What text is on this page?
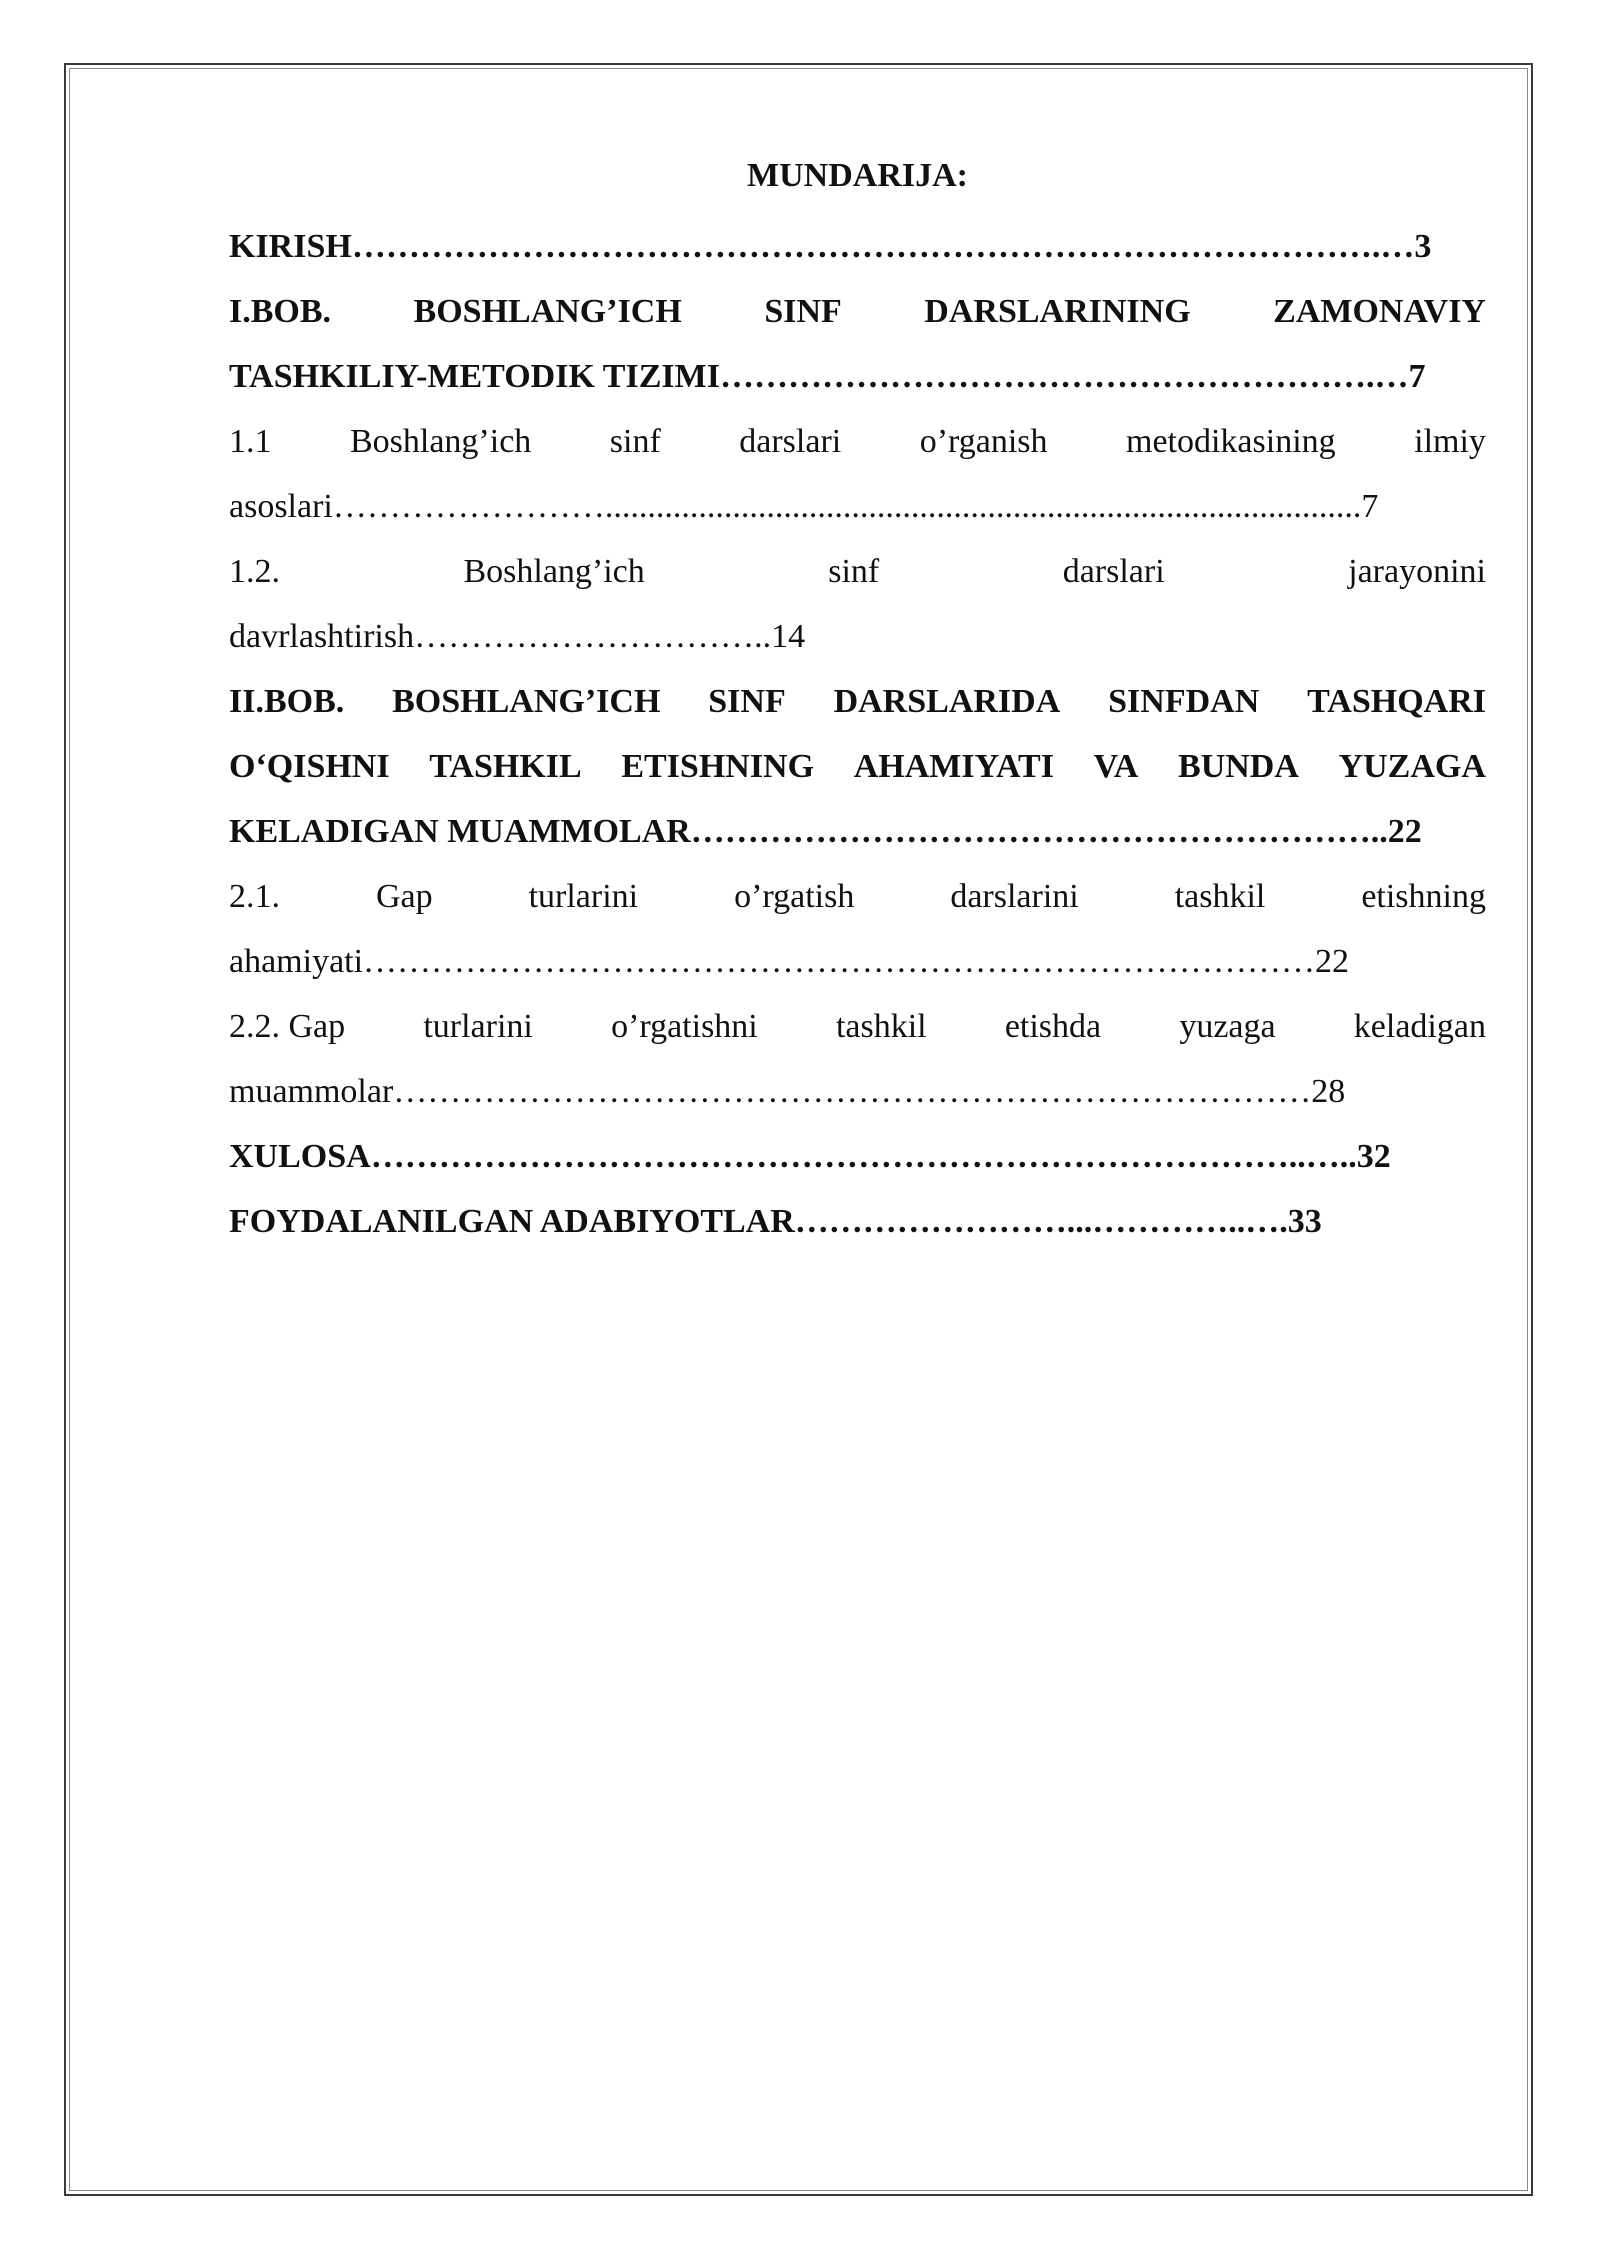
MUNDARIJA:
KIRISH……………………………………………………………………………….…3
I.BOB. BOSHLANG’ICH SINF DARSLARINING ZAMONAVIY
TASHKILIY-METODIK TIZIMI………………………………………………….…7
1.1 Boshlang’ich sinf darslari o’rganish metodikasining ilmiy
asoslari…………………….........................................................................................7
1.2.	Boshlang’ich	sinf	darslari	jarayonini
davrlashtirish…………………………..14
II.BOB. BOSHLANG’ICH SINF DARSLARIDA SINFDAN TASHQARI
O‘QISHNI TASHKIL ETISHNING AHAMIYATI VA BUNDA YUZAGA
KELADIGAN MUAMMOLAR……………………………………………………..22
2.1.	Gap	turlarini	o’rgatish	darslarini	tashkil	etishning
ahamiyati…………………………………………………………………………22
2.2. Gap turlarini o’rgatishni tashkil etishda yuzaga keladigan
muammolar………………………………………………………………………28
XULOSA………………………………………………………………………..…..32
FOYDALANILGAN ADABIYOTLAR……………………...…………..….33
